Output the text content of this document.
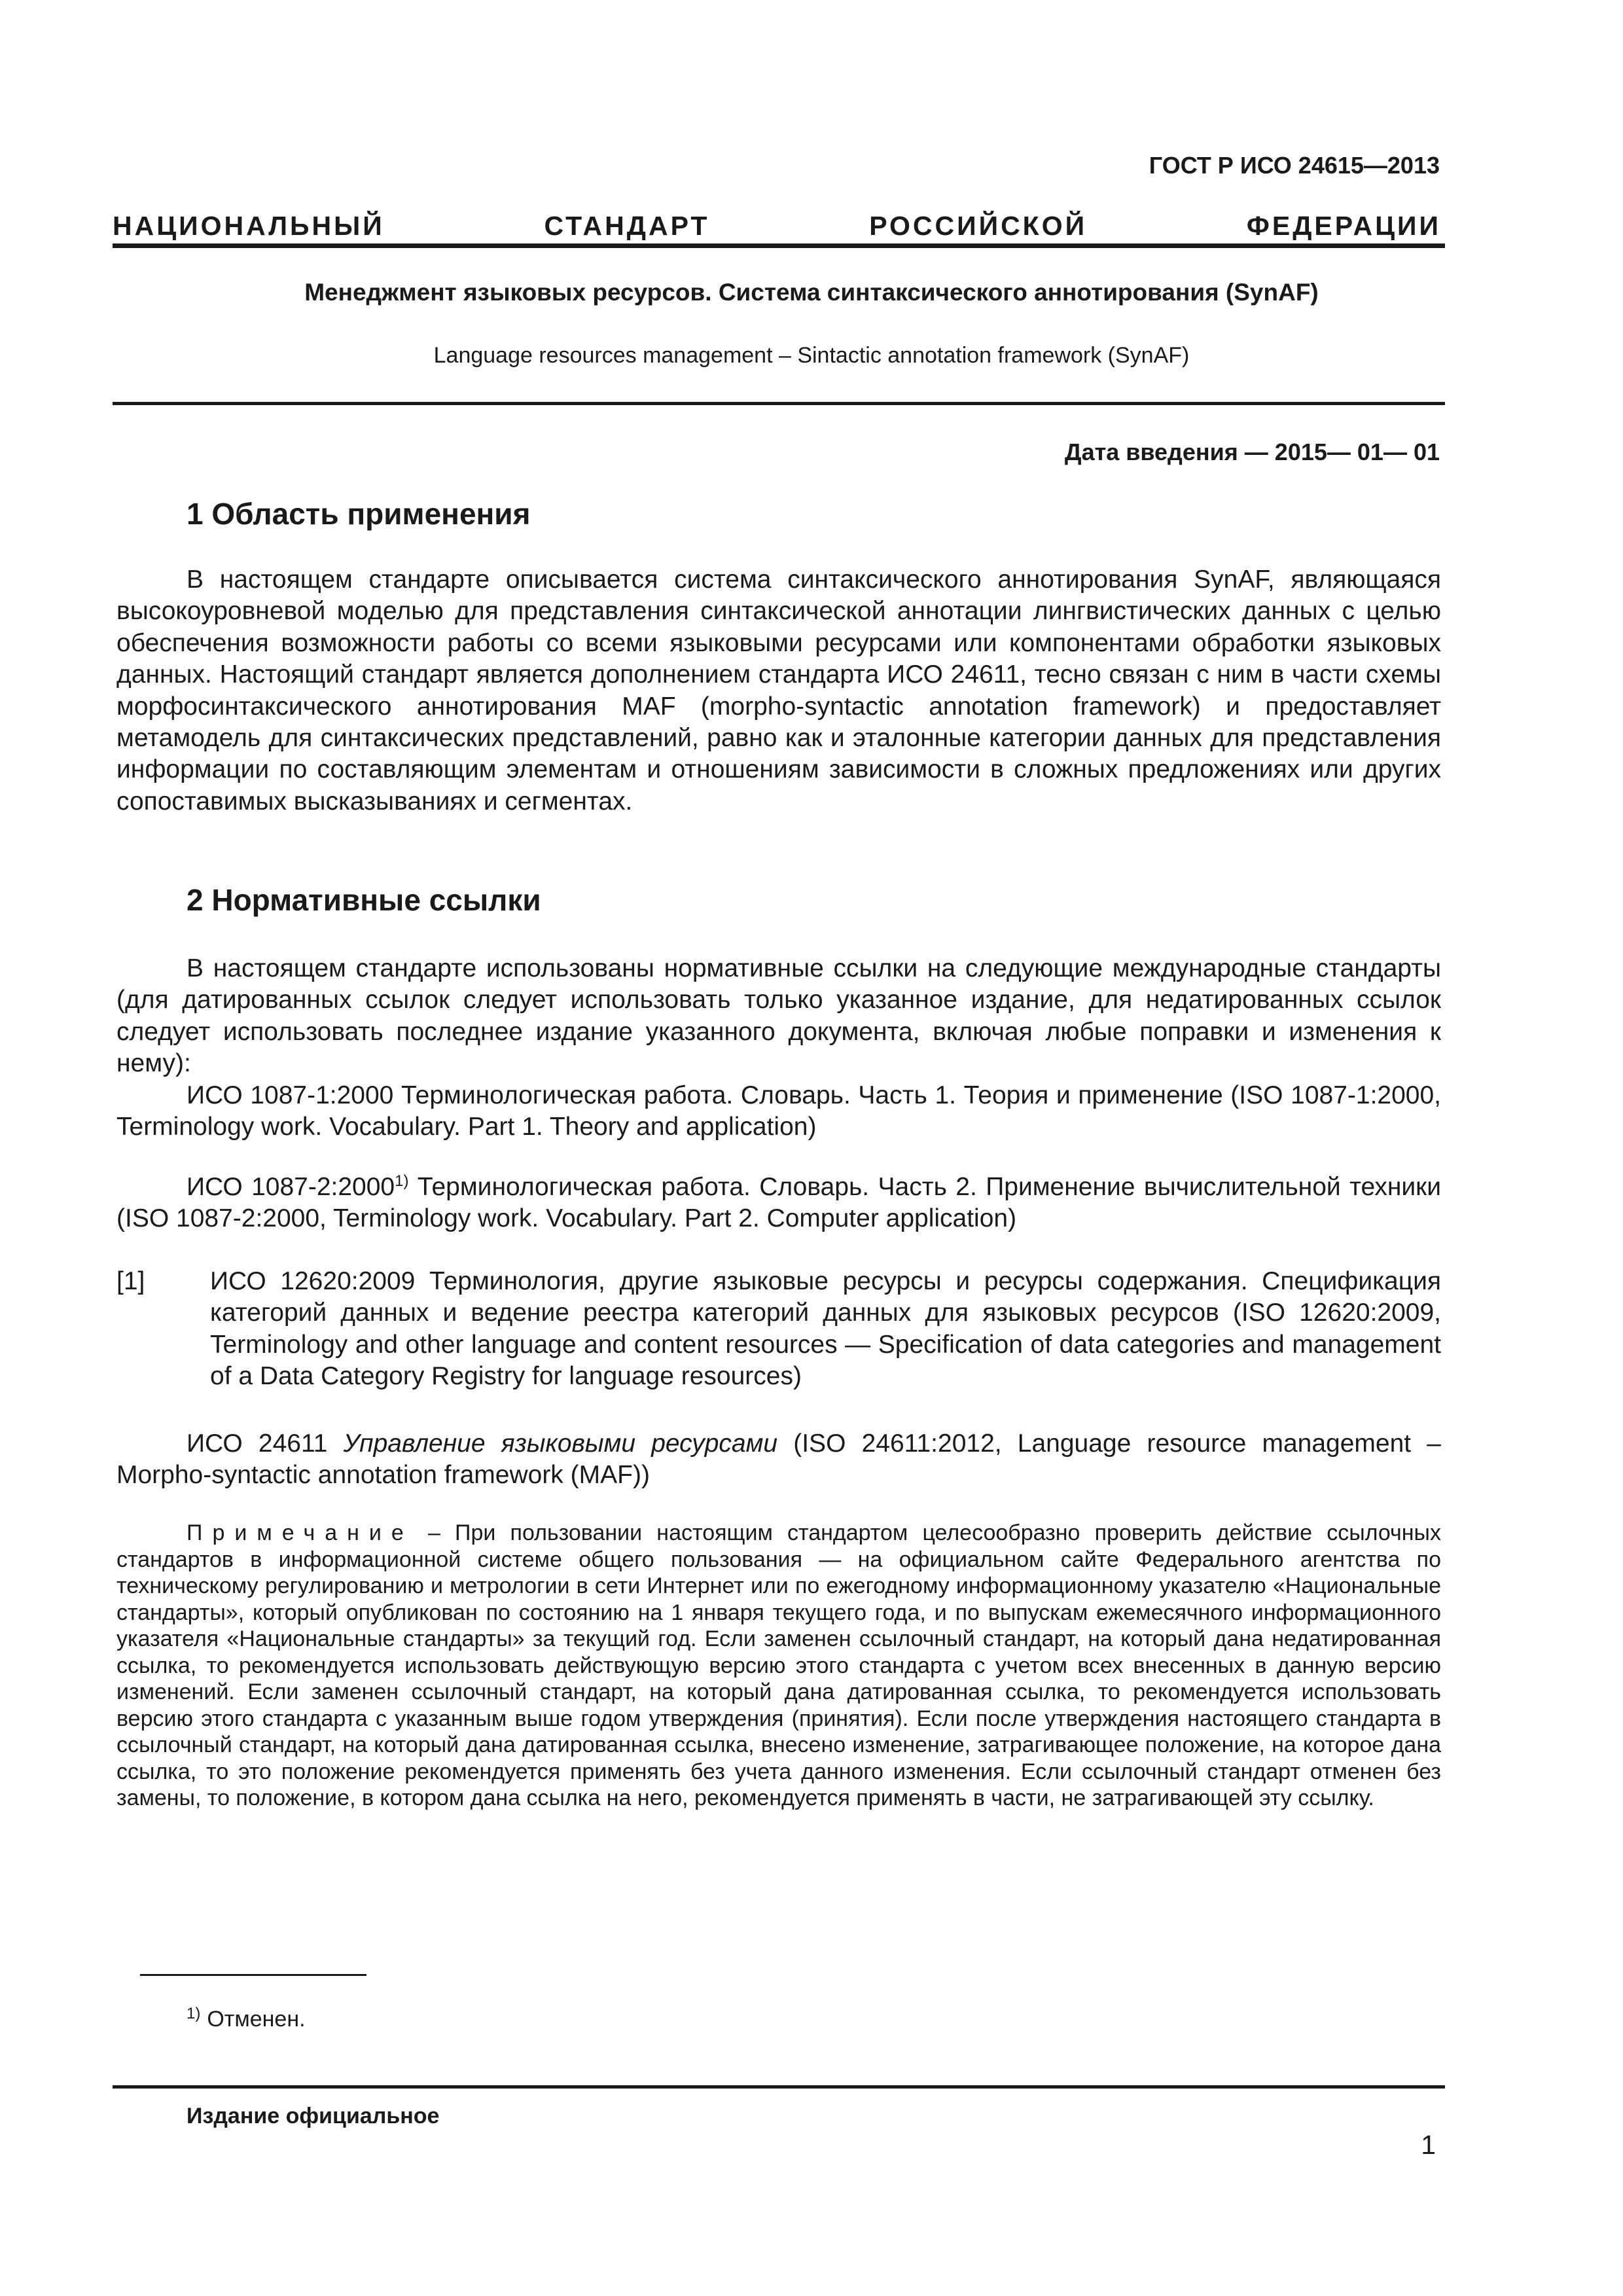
ГОСТ Р ИСО 24615—2013
НАЦИОНАЛЬНЫЙ СТАНДАРТ РОССИЙСКОЙ ФЕДЕРАЦИИ
Менеджмент языковых ресурсов. Система синтаксического аннотирования (SynAF)
Language resources management – Sintactic annotation framework (SynAF)
Дата введения — 2015— 01— 01
1 Область применения
В настоящем стандарте описывается система синтаксического аннотирования SynAF, являющаяся высокоуровневой моделью для представления синтаксической аннотации лингвистических данных с целью обеспечения возможности работы со всеми языковыми ресурсами или компонентами обработки языковых данных. Настоящий стандарт является дополнением стандарта ИСО 24611, тесно связан с ним в части схемы морфосинтаксического аннотирования MAF (morpho-syntactic annotation framework) и предоставляет метамодель для синтаксических представлений, равно как и эталонные категории данных для представления информации по составляющим элементам и отношениям зависимости в сложных предложениях или других сопоставимых высказываниях и сегментах.
2 Нормативные ссылки
В настоящем стандарте использованы нормативные ссылки на следующие международные стандарты (для датированных ссылок следует использовать только указанное издание, для недатированных ссылок следует использовать последнее издание указанного документа, включая любые поправки и изменения к нему):
ИСО 1087-1:2000 Терминологическая работа. Словарь. Часть 1. Теория и применение (ISO 1087-1:2000, Terminology work. Vocabulary. Part 1. Theory and application)
ИСО 1087-2:2000$^{1)}$ Терминологическая работа. Словарь. Часть 2. Применение вычислительной техники (ISO 1087-2:2000, Terminology work. Vocabulary. Part 2. Computer application)
[1]	ИСО 12620:2009 Терминология, другие языковые ресурсы и ресурсы содержания. Спецификация категорий данных и ведение реестра категорий данных для языковых ресурсов (ISO 12620:2009, Terminology and other language and content resources — Specification of data categories and management of a Data Category Registry for language resources)
ИСО 24611 Управление языковыми ресурсами (ISO 24611:2012, Language resource management – Morpho-syntactic annotation framework (MAF))
Примечание – При пользовании настоящим стандартом целесообразно проверить действие ссылочных стандартов в информационной системе общего пользования — на официальном сайте Федерального агентства по техническому регулированию и метрологии в сети Интернет или по ежегодному информационному указателю «Национальные стандарты», который опубликован по состоянию на 1 января текущего года, и по выпускам ежемесячного информационного указателя «Национальные стандарты» за текущий год. Если заменен ссылочный стандарт, на который дана недатированная ссылка, то рекомендуется использовать действующую версию этого стандарта с учетом всех внесенных в данную версию изменений. Если заменен ссылочный стандарт, на который дана датированная ссылка, то рекомендуется использовать версию этого стандарта с указанным выше годом утверждения (принятия). Если после утверждения настоящего стандарта в ссылочный стандарт, на который дана датированная ссылка, внесено изменение, затрагивающее положение, на которое дана ссылка, то это положение рекомендуется применять без учета данного изменения. Если ссылочный стандарт отменен без замены, то положение, в котором дана ссылка на него, рекомендуется применять в части, не затрагивающей эту ссылку.
$^{1)}$ Отменен.
Издание официальное
1
